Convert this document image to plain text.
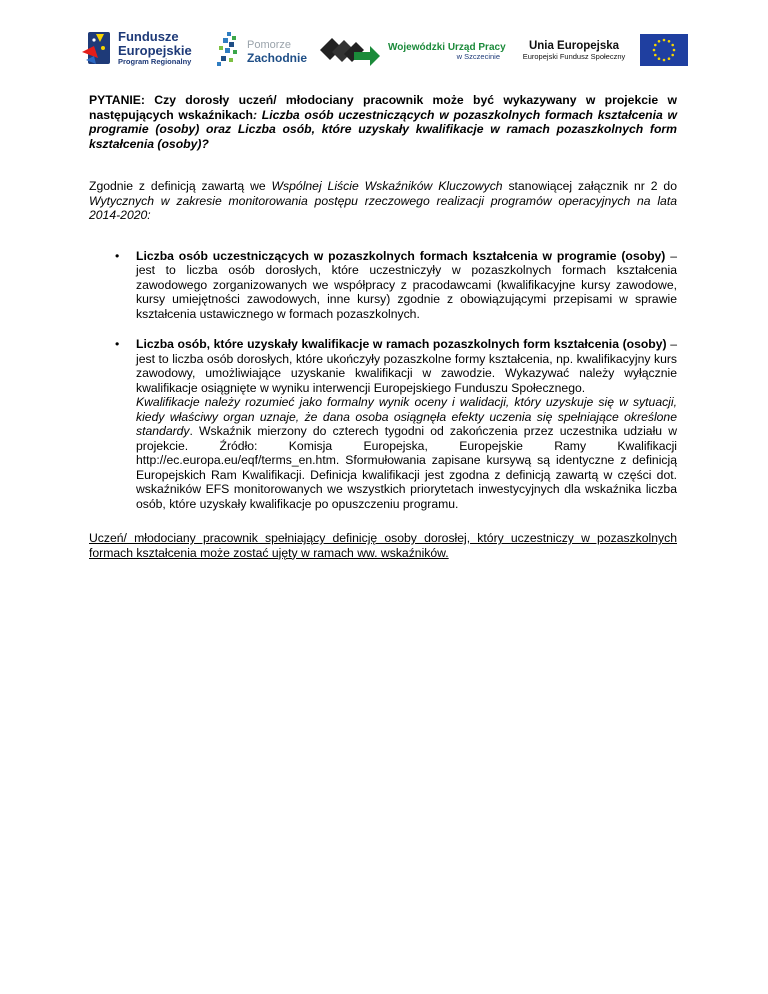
Fundusze
Europejskie
Program Regionalny
Pomorze
Zachodnie
Wojewódzki Urząd Pracy
w Szczecinie
Unia Europejska
Europejski Fundusz Społeczny

PYTANIE: Czy dorosły uczeń/ młodociany pracownik może być wykazywany w projekcie w następujących wskaźnikach: Liczba osób uczestniczących w pozaszkolnych formach kształcenia w programie (osoby) oraz Liczba osób, które uzyskały kwalifikacje w ramach pozaszkolnych form kształcenia (osoby)?

Zgodnie z definicją zawartą we Wspólnej Liście Wskaźników Kluczowych stanowiącej załącznik nr 2 do Wytycznych w zakresie monitorowania postępu rzeczowego realizacji programów operacyjnych na lata 2014-2020:

• Liczba osób uczestniczących w pozaszkolnych formach kształcenia w programie (osoby) – jest to liczba osób dorosłych, które uczestniczyły w pozaszkolnych formach kształcenia zawodowego zorganizowanych we współpracy z pracodawcami (kwalifikacyjne kursy zawodowe, kursy umiejętności zawodowych, inne kursy) zgodnie z obowiązującymi przepisami w sprawie kształcenia ustawicznego w formach pozaszkolnych.
• Liczba osób, które uzyskały kwalifikacje w ramach pozaszkolnych form kształcenia (osoby) – jest to liczba osób dorosłych, które ukończyły pozaszkolne formy kształcenia, np. kwalifikacyjny kurs zawodowy, umożliwiające uzyskanie kwalifikacji w zawodzie. Wykazywać należy wyłącznie kwalifikacje osiągnięte w wyniku interwencji Europejskiego Funduszu Społecznego.
Kwalifikacje należy rozumieć jako formalny wynik oceny i walidacji, który uzyskuje się w sytuacji, kiedy właściwy organ uznaje, że dana osoba osiągnęła efekty uczenia się spełniające określone standardy. Wskaźnik mierzony do czterech tygodni od zakończenia przez uczestnika udziału w projekcie. Źródło: Komisja Europejska, Europejskie Ramy Kwalifikacji http://ec.europa.eu/eqf/terms_en.htm. Sformułowania zapisane kursywą są identyczne z definicją Europejskich Ram Kwalifikacji. Definicja kwalifikacji jest zgodna z definicją zawartą w części dot. wskaźników EFS monitorowanych we wszystkich priorytetach inwestycyjnych dla wskaźnika liczba osób, które uzyskały kwalifikacje po opuszczeniu programu.

Uczeń/ młodociany pracownik spełniający definicję osoby dorosłej, który uczestniczy w pozaszkolnych formach kształcenia może zostać ujęty w ramach ww. wskaźników.
